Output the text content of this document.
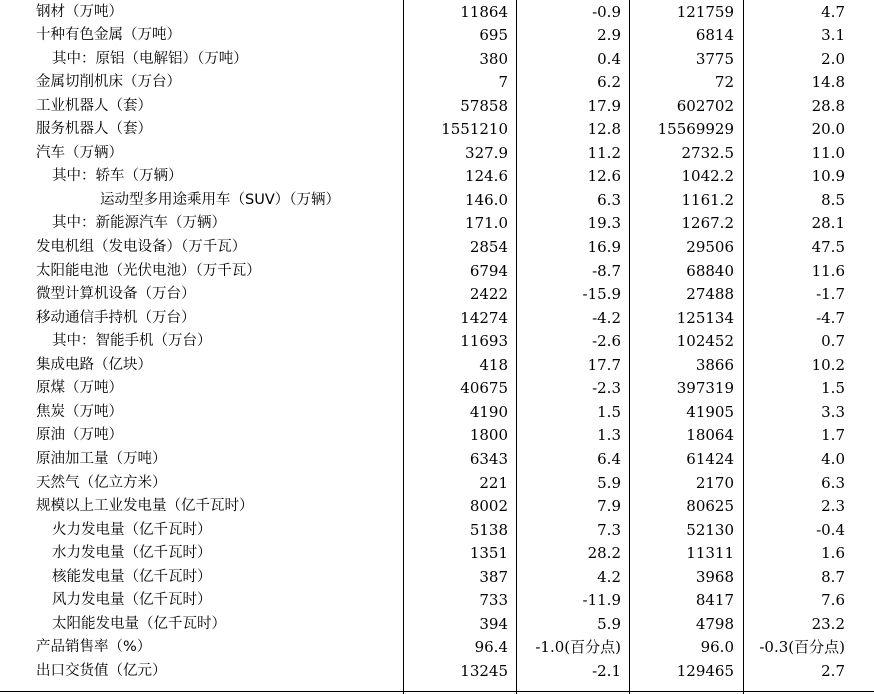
钢材（万吨）	11864	-0.9	121759	4.7
十种有色金属（万吨）	695	2.9	6814	3.1
其中：原铝（电解铝）（万吨）	380	0.4	3775	2.0
金属切削机床（万台）	7	6.2	72	14.8
工业机器人（套）	57858	17.9	602702	28.8
服务机器人（套）	1551210	12.8	15569929	20.0
汽车（万辆）	327.9	11.2	2732.5	11.0
其中：轿车（万辆）	124.6	12.6	1042.2	10.9
运动型多用途乘用车（SUV）（万辆）	146.0	6.3	1161.2	8.5
其中：新能源汽车（万辆）	171.0	19.3	1267.2	28.1
发电机组（发电设备）（万千瓦）	2854	16.9	29506	47.5
太阳能电池（光伏电池）（万千瓦）	6794	-8.7	68840	11.6
微型计算机设备（万台）	2422	-15.9	27488	-1.7
移动通信手持机（万台）	14274	-4.2	125134	-4.7
其中：智能手机（万台）	11693	-2.6	102452	0.7
集成电路（亿块）	418	17.7	3866	10.2
原煤（万吨）	40675	-2.3	397319	1.5
焦炭（万吨）	4190	1.5	41905	3.3
原油（万吨）	1800	1.3	18064	1.7
原油加工量（万吨）	6343	6.4	61424	4.0
天然气（亿立方米）	221	5.9	2170	6.3
规模以上工业发电量（亿千瓦时）	8002	7.9	80625	2.3
火力发电量（亿千瓦时）	5138	7.3	52130	-0.4
水力发电量（亿千瓦时）	1351	28.2	11311	1.6
核能发电量（亿千瓦时）	387	4.2	3968	8.7
风力发电量（亿千瓦时）	733	-11.9	8417	7.6
太阳能发电量（亿千瓦时）	394	5.9	4798	23.2
产品销售率（%）	96.4	-1.0(百分点)	96.0	-0.3(百分点)
出口交货值（亿元）	13245	-2.1	129465	2.7
